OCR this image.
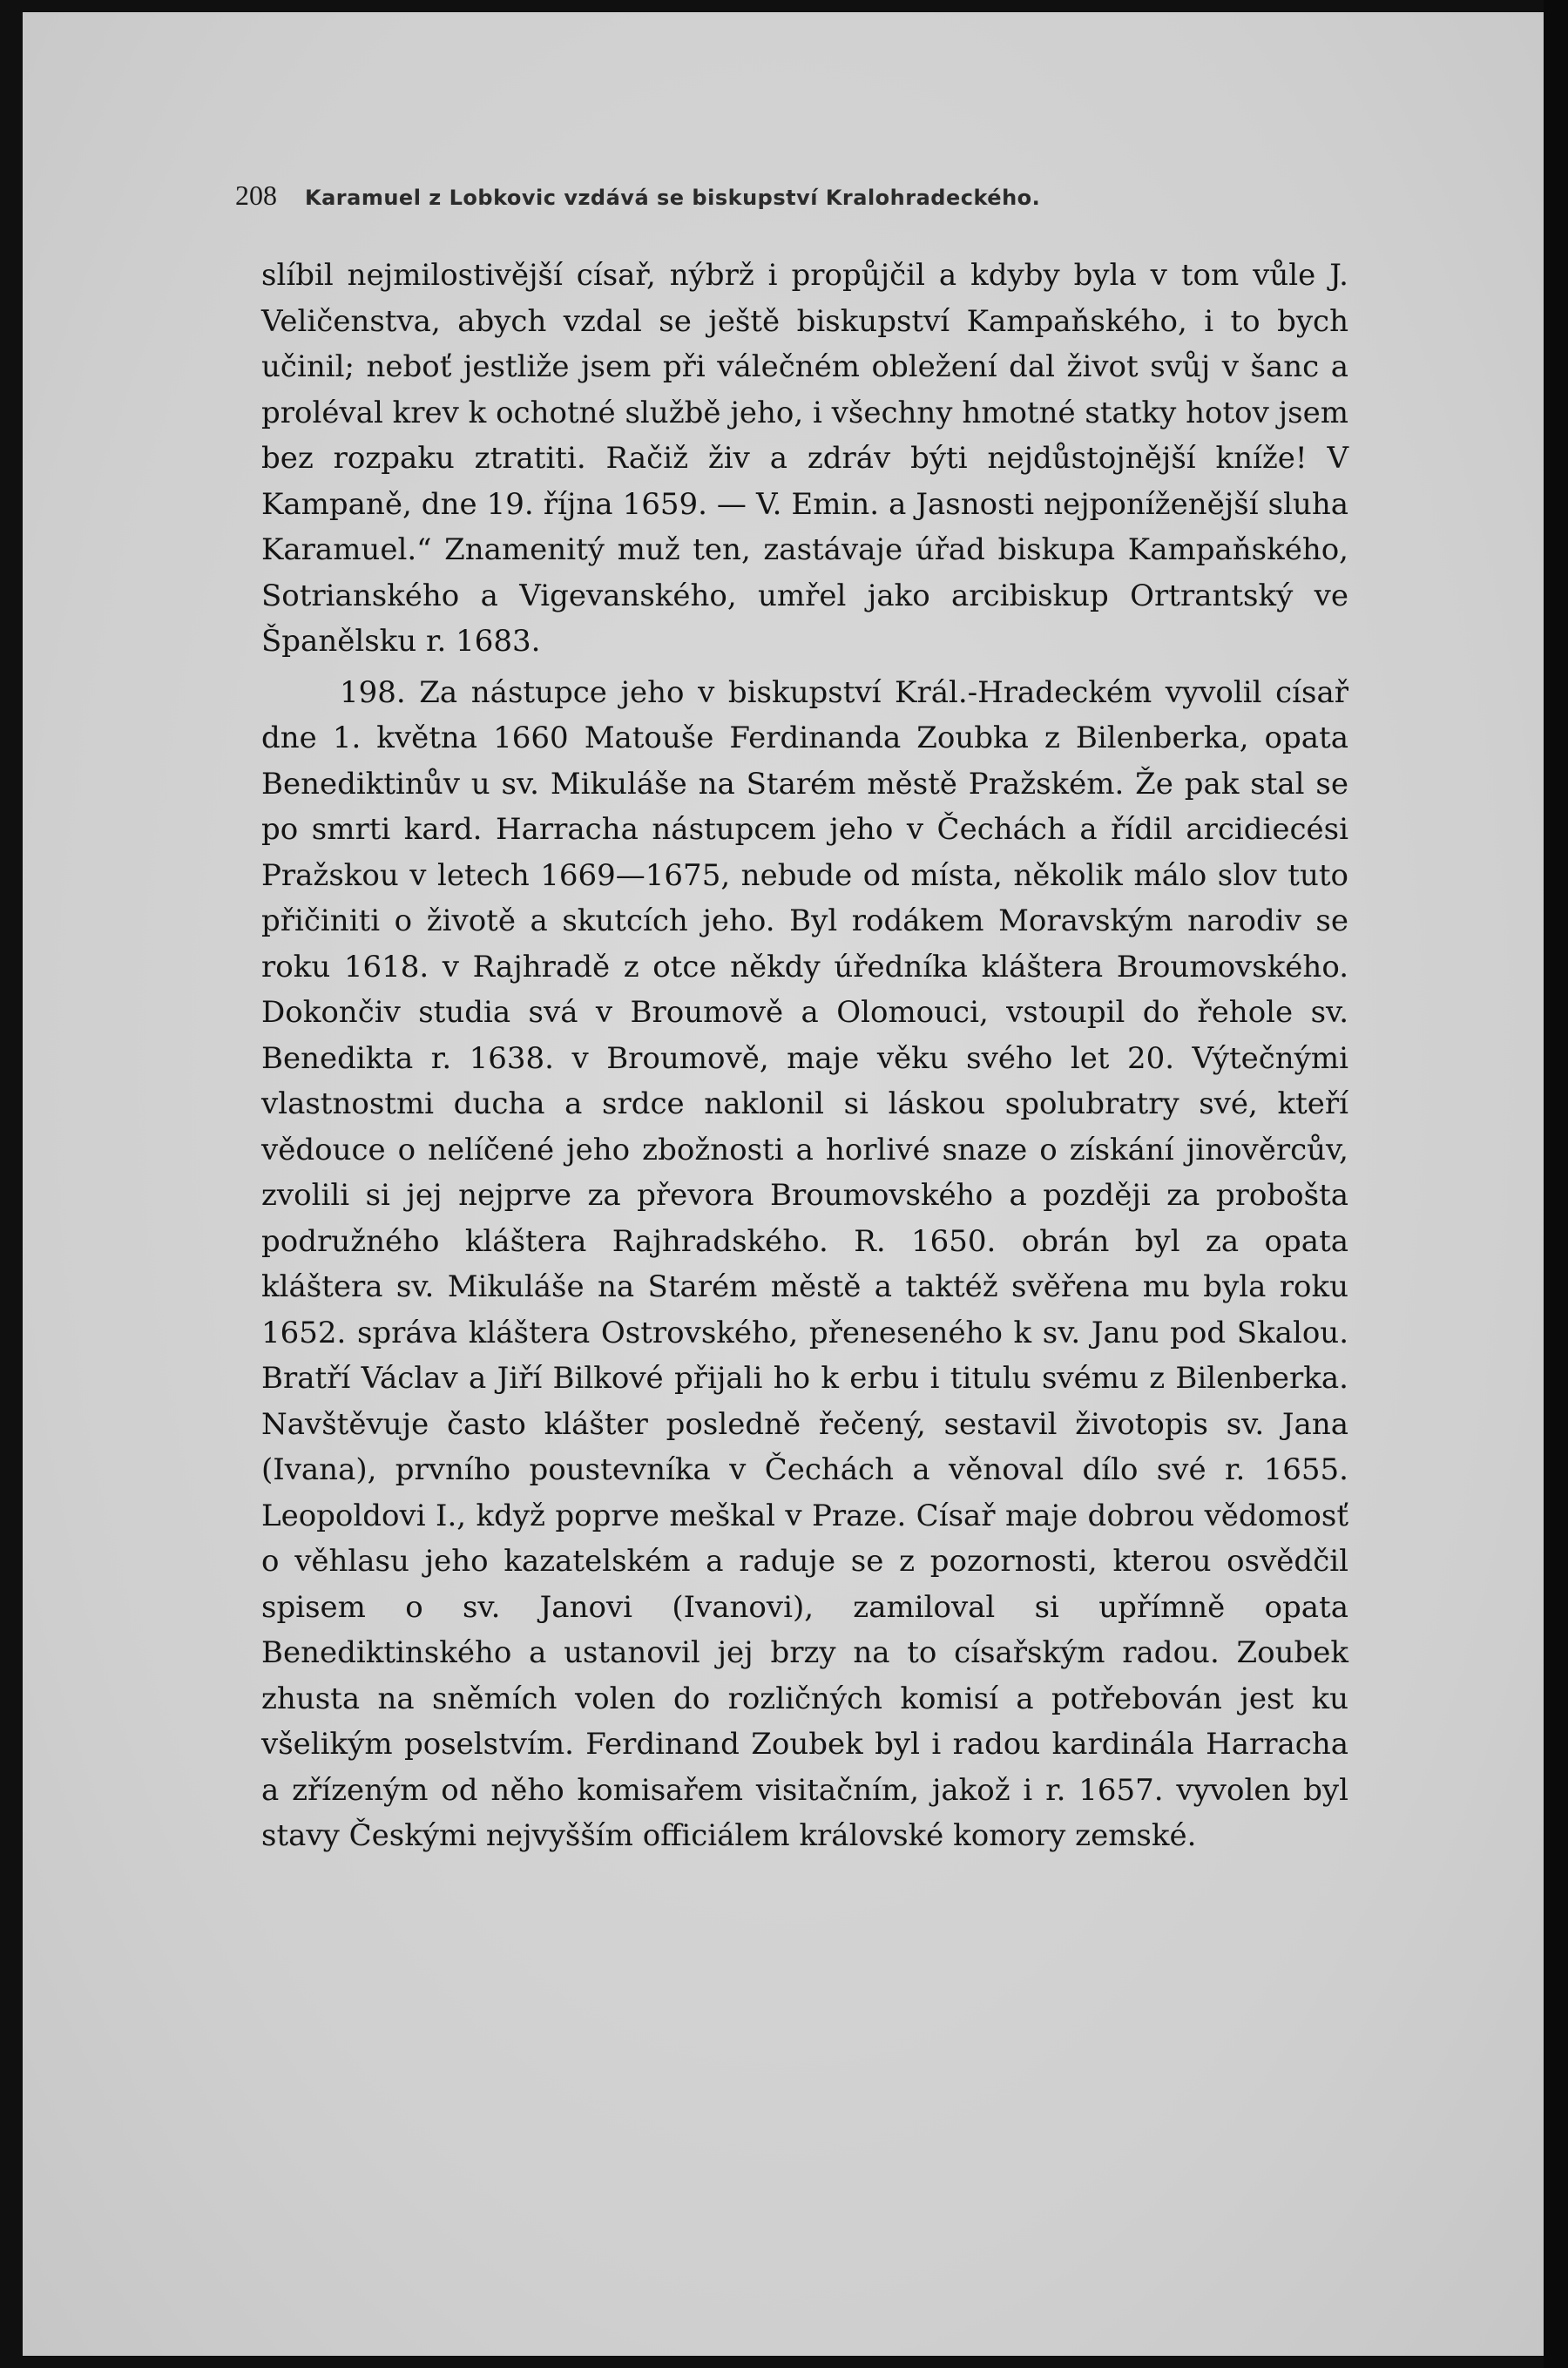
208 Karamuel z Lobkovic vzdává se biskupství Kralohradeckého.

slíbil nejmilostivější císař, nýbrž i propůjčil a kdyby byla v tom vůle J. Veličenstva, abych vzdal se ještě biskupství Kampaňského, i to bych učinil; neboť jestliže jsem při válečném obležení dal život svůj v šanc a proléval krev k ochotné službě jeho, i všechny hmotné statky hotov jsem bez rozpaku ztratiti. Račiž živ a zdráv býti nejdůstojnější kníže! V Kampaně, dne 19. října 1659. — V. Emin. a Jasnosti nejponíženější sluha Karamuel.“ Znamenitý muž ten, zastávaje úřad biskupa Kampaňského, Sotrianského a Vigevanského, umřel jako arcibiskup Ortrantský ve Španělsku r. 1683.

198. Za nástupce jeho v biskupství Král.-Hradeckém vyvolil císař dne 1. května 1660 Matouše Ferdinanda Zoubka z Bilenberka, opata Benediktinův u sv. Mikuláše na Starém městě Pražském. Že pak stal se po smrti kard. Harracha nástupcem jeho v Čechách a řídil arcidiecési Pražskou v letech 1669—1675, nebude od místa, několik málo slov tuto přičiniti o životě a skutcích jeho. Byl rodákem Moravským narodiv se roku 1618. v Rajhradě z otce někdy úředníka kláštera Broumovského. Dokončiv studia svá v Broumově a Olomouci, vstoupil do řehole sv. Benedikta r. 1638. v Broumově, maje věku svého let 20. Výtečnými vlastnostmi ducha a srdce naklonil si láskou spolubratry své, kteří vědouce o nelíčené jeho zbožnosti a horlivé snaze o získání jinověrcův, zvolili si jej nejprve za převora Broumovského a později za probošta podružného kláštera Rajhradského. R. 1650. obrán byl za opata kláštera sv. Mikuláše na Starém městě a taktéž svěřena mu byla roku 1652. správa kláštera Ostrovského, přeneseného k sv. Janu pod Skalou. Bratří Václav a Jiří Bilkové přijali ho k erbu i titulu svému z Bilenberka. Navštěvuje často klášter posledně řečený, sestavil životopis sv. Jana (Ivana), prvního poustevníka v Čechách a věnoval dílo své r. 1655. Leopoldovi I., když poprve meškal v Praze. Císař maje dobrou vědomosť o věhlasu jeho kazatelském a raduje se z pozornosti, kterou osvědčil spisem o sv. Janovi (Ivanovi), zamiloval si upřímně opata Benediktinského a ustanovil jej brzy na to císařským radou. Zoubek zhusta na sněmích volen do rozličných komisí a potřebován jest ku všelikým poselstvím. Ferdinand Zoubek byl i radou kardinála Harracha a zřízeným od něho komisařem visitačním, jakož i r. 1657. vyvolen byl stavy Českými nejvyšším officiálem královské komory zemské.
